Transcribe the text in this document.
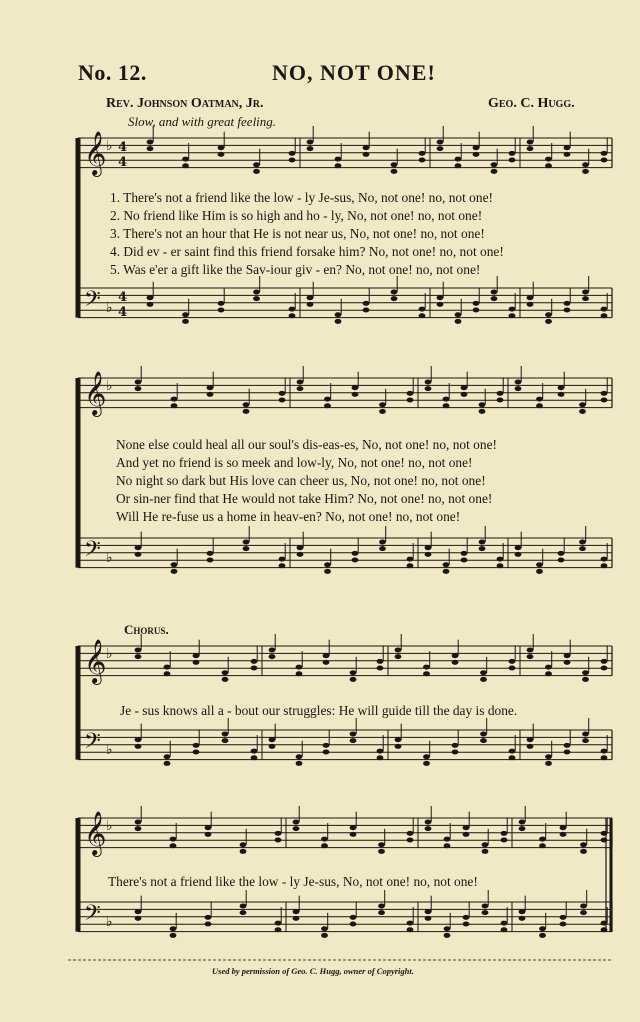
𝄞 ♭ 4
4
𝄢 ♭
4
4
𝄞 ♭
𝄢 ♭
𝄞 ♭
𝄢 ♭
𝄞 ♭
𝄢 ♭
No. 12.	NO, NOT ONE!
Rev. Johnson Oatman, Jr.	Geo. C. Hugg.
Slow, and with great feeling.
1. There's not a friend like the low - ly Je-sus, No, not one! no, not one!
2. No friend like Him is so high and ho - ly, No, not one! no, not one!
3. There's not an hour that He is not near us, No, not one! no, not one!
4. Did ev - er saint find this friend forsake him? No, not one! no, not one!
5. Was e'er a gift like the Sav-iour giv - en? No, not one! no, not one!
None else could heal all our soul's dis-eas-es, No, not one! no, not one!
And yet no friend is so meek and low-ly, No, not one! no, not one!
No night so dark but His love can cheer us, No, not one! no, not one!
Or sin-ner find that He would not take Him? No, not one! no, not one!
Will He re-fuse us a home in heav-en? No, not one! no, not one!
Chorus.
Je - sus knows all a - bout our struggles: He will guide till the day is done.
There's not a friend like the low - ly Je-sus, No, not one! no, not one!
Used by permission of Geo. C. Hugg, owner of Copyright.
